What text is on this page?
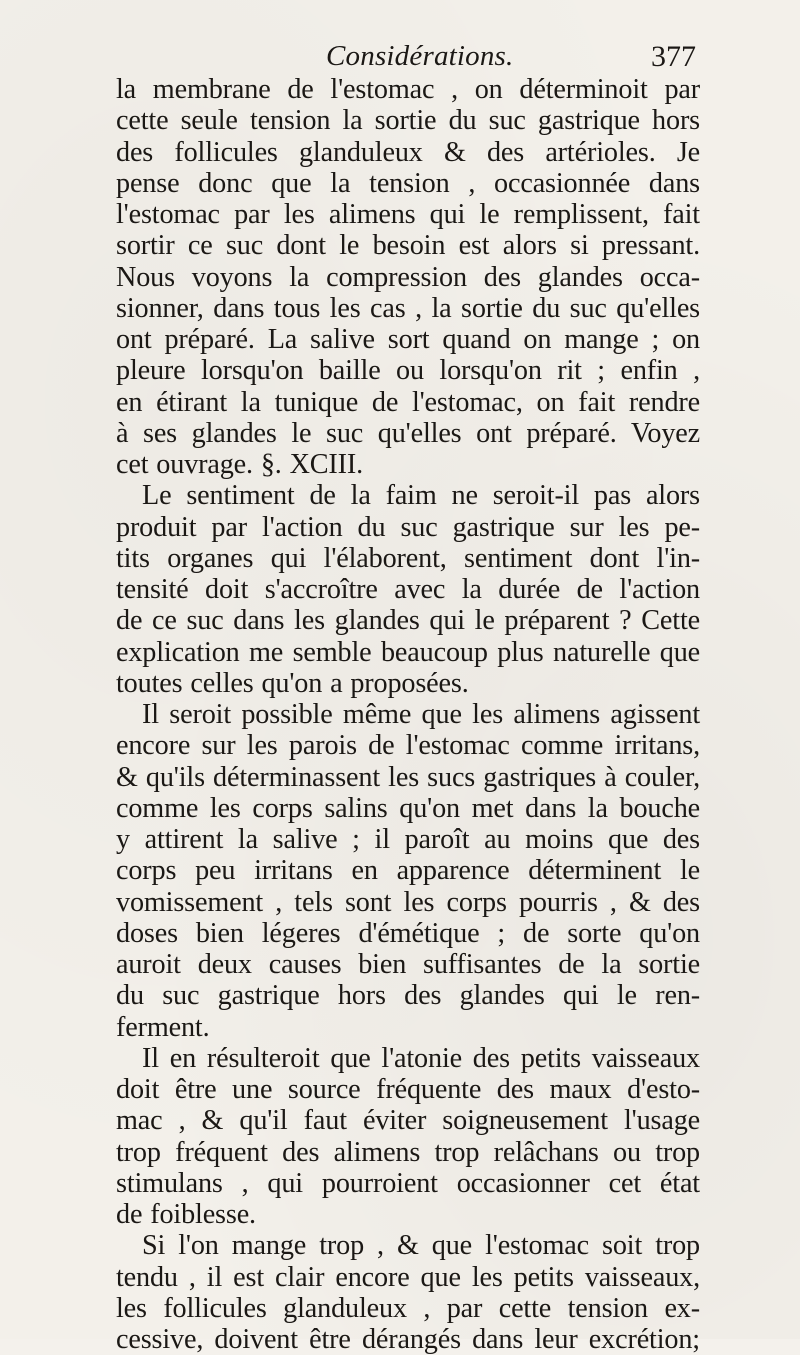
Considérations.	377
la membrane de l'estomac , on déterminoit par
cette seule tension la sortie du suc gastrique hors
des follicules glanduleux & des artérioles. Je
pense donc que la tension , occasionnée dans
l'estomac par les alimens qui le remplissent, fait
sortir ce suc dont le besoin est alors si pressant.
Nous voyons la compression des glandes occa-
sionner, dans tous les cas , la sortie du suc qu'elles
ont préparé. La salive sort quand on mange ; on
pleure lorsqu'on baille ou lorsqu'on rit ; enfin ,
en étirant la tunique de l'estomac, on fait rendre
à ses glandes le suc qu'elles ont préparé. Voyez
cet ouvrage. §. XCIII.
Le sentiment de la faim ne seroit-il pas alors
produit par l'action du suc gastrique sur les pe-
tits organes qui l'élaborent, sentiment dont l'in-
tensité doit s'accroître avec la durée de l'action
de ce suc dans les glandes qui le préparent ? Cette
explication me semble beaucoup plus naturelle que
toutes celles qu'on a proposées.
Il seroit possible même que les alimens agissent
encore sur les parois de l'estomac comme irritans,
& qu'ils déterminassent les sucs gastriques à couler,
comme les corps salins qu'on met dans la bouche
y attirent la salive ; il paroît au moins que des
corps peu irritans en apparence déterminent le
vomissement , tels sont les corps pourris , & des
doses bien légeres d'émétique ; de sorte qu'on
auroit deux causes bien suffisantes de la sortie
du suc gastrique hors des glandes qui le ren-
ferment.
Il en résulteroit que l'atonie des petits vaisseaux
doit être une source fréquente des maux d'esto-
mac , & qu'il faut éviter soigneusement l'usage
trop fréquent des alimens trop relâchans ou trop
stimulans , qui pourroient occasionner cet état
de foiblesse.
Si l'on mange trop , & que l'estomac soit trop
tendu , il est clair encore que les petits vaisseaux,
les follicules glanduleux , par cette tension ex-
cessive, doivent être dérangés dans leur excrétion;
